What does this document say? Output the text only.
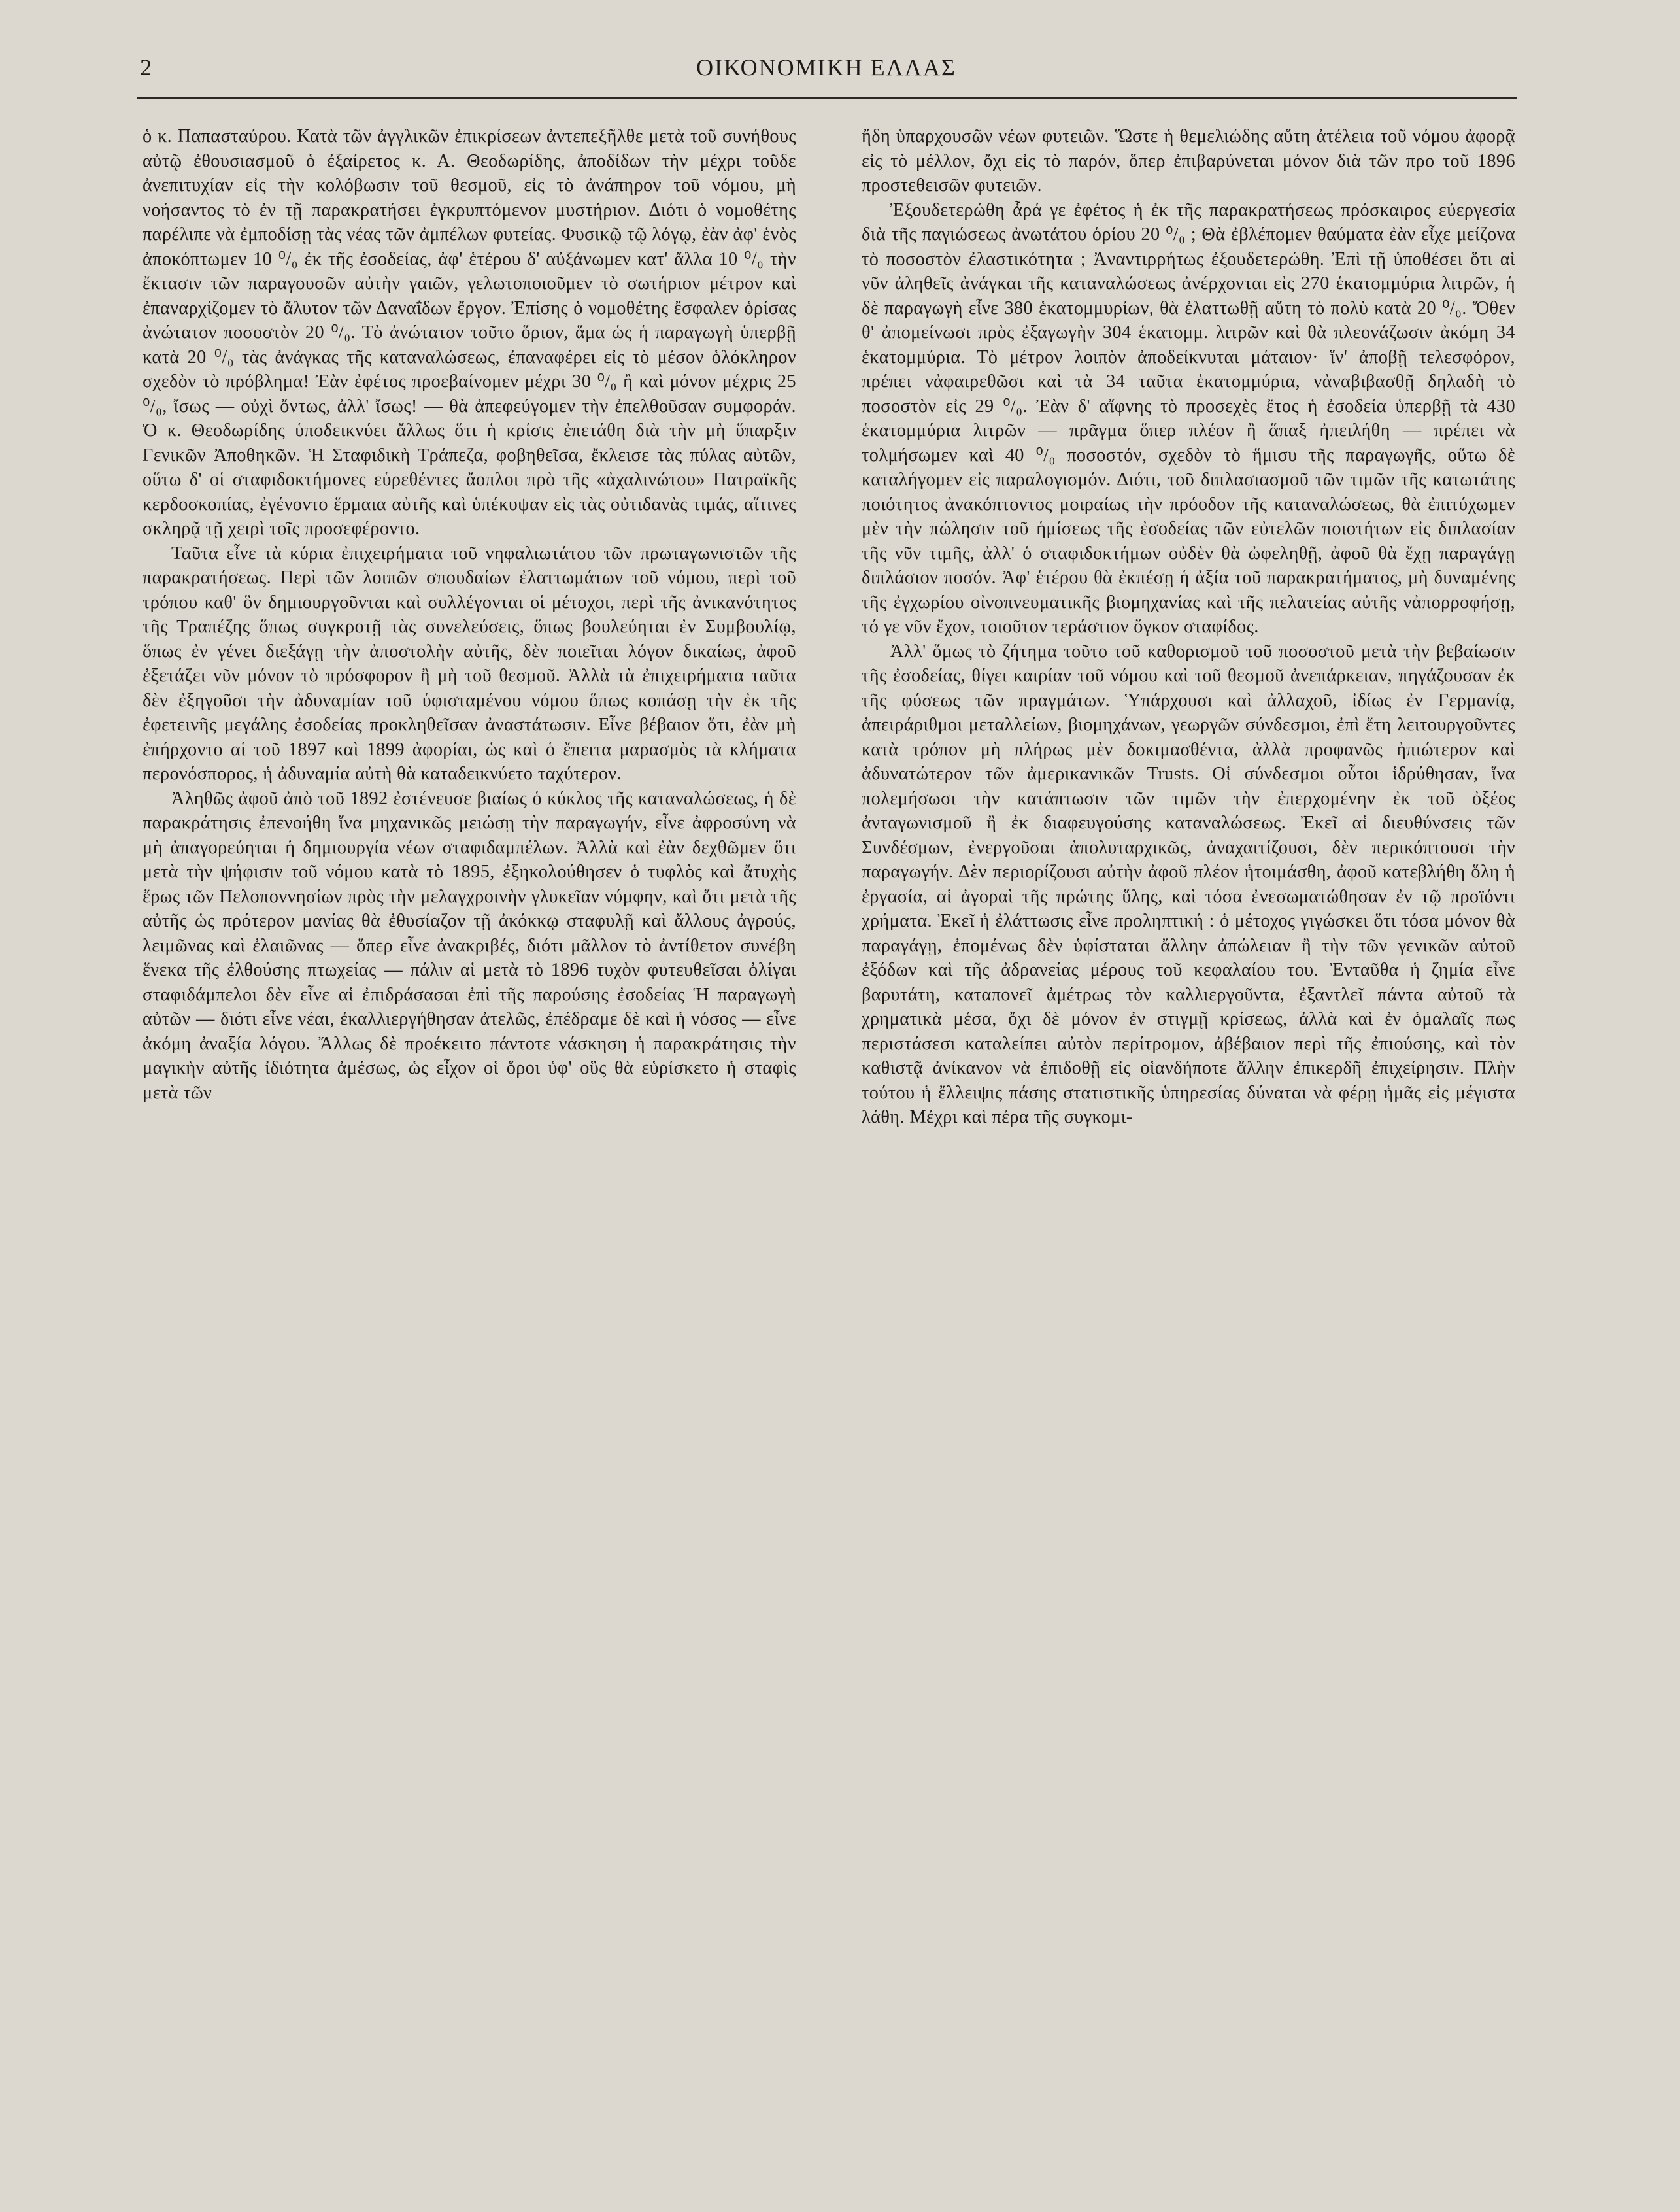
2	ΟΙΚΟΝΟΜΙΚΗ ΕΛΛΑΣ

ὁ κ. Παπασταύρου. Κατὰ τῶν ἀγγλικῶν ἐπικρίσεων ἀντεπεξῆλθε μετὰ τοῦ συνήθους αὐτῷ ἐθουσιασμοῦ ὁ ἐξαίρετος κ. Α. Θεοδωρίδης, ἀποδίδων τὴν μέχρι τοῦδε ἀνεπιτυχίαν εἰς τὴν κολόβωσιν τοῦ θεσμοῦ, εἰς τὸ ἀνάπηρον τοῦ νόμου, μὴ νοήσαντος τὸ ἐν τῇ παρακρατήσει ἐγκρυπτόμενον μυστήριον. Διότι ὁ νομοθέτης παρέλιπε νὰ ἐμποδίσῃ τὰς νέας τῶν ἀμπέλων φυτείας. Φυσικῷ τῷ λόγῳ, ἐὰν ἀφ' ἑνὸς ἀποκόπτωμεν 10 ⁰/₀ ἐκ τῆς ἐσοδείας, ἀφ' ἑτέρου δ' αὐξάνωμεν κατ' ἄλλα 10 ⁰/₀ τὴν ἔκτασιν τῶν παραγουσῶν αὐτὴν γαιῶν, γελωτοποιοῦμεν τὸ σωτήριον μέτρον καὶ ἐπαναρχίζομεν τὸ ἄλυτον τῶν Δαναΐδων ἔργον. Ἐπίσης ὁ νομοθέτης ἔσφαλεν ὁρίσας ἀνώτατον ποσοστὸν 20 ⁰/₀. Τὸ ἀνώτατον τοῦτο ὅριον, ἅμα ὡς ἡ παραγωγὴ ὑπερβῇ κατὰ 20 ⁰/₀ τὰς ἀνάγκας τῆς καταναλώσεως, ἐπαναφέρει εἰς τὸ μέσον ὁλόκληρον σχεδὸν τὸ πρόβλημα! Ἐὰν ἐφέτος προεβαίνομεν μέχρι 30 ⁰/₀ ἢ καὶ μόνον μέχρις 25 ⁰/₀, ἴσως — οὐχὶ ὄντως, ἀλλ' ἴσως! — θὰ ἀπεφεύγομεν τὴν ἐπελθοῦσαν συμφοράν. Ὁ κ. Θεοδωρίδης ὑποδεικνύει ἄλλως ὅτι ἡ κρίσις ἐπετάθη διὰ τὴν μὴ ὕπαρξιν Γενικῶν Ἀποθηκῶν. Ἡ Σταφιδικὴ Τράπεζα, φοβηθεῖσα, ἔκλεισε τὰς πύλας αὐτῶν, οὕτω δ' οἱ σταφιδοκτήμονες εὑρεθέντες ἄοπλοι πρὸ τῆς «ἀχαλινώτου» Πατραϊκῆς κερδοσκοπίας, ἐγένοντο ἕρμαια αὐτῆς καὶ ὑπέκυψαν εἰς τὰς οὐτιδανὰς τιμάς, αἵτινες σκληρᾷ τῇ χειρὶ τοῖς προσεφέροντο.

Ταῦτα εἶνε τὰ κύρια ἐπιχειρήματα τοῦ νηφαλιωτάτου τῶν πρωταγωνιστῶν τῆς παρακρατήσεως. Περὶ τῶν λοιπῶν σπουδαίων ἐλαττωμάτων τοῦ νόμου, περὶ τοῦ τρόπου καθ' ὃν δημιουργοῦνται καὶ συλλέγονται οἱ μέτοχοι, περὶ τῆς ἀνικανότητος τῆς Τραπέζης ὅπως συγκροτῇ τὰς συνελεύσεις, ὅπως βουλεύηται ἐν Συμβουλίῳ, ὅπως ἐν γένει διεξάγῃ τὴν ἀποστολὴν αὐτῆς, δὲν ποιεῖται λόγον δικαίως, ἀφοῦ ἐξετάζει νῦν μόνον τὸ πρόσφορον ἢ μὴ τοῦ θεσμοῦ. Ἀλλὰ τὰ ἐπιχειρήματα ταῦτα δὲν ἐξηγοῦσι τὴν ἀδυναμίαν τοῦ ὑφισταμένου νόμου ὅπως κοπάσῃ τὴν ἐκ τῆς ἐφετεινῆς μεγάλης ἐσοδείας προκληθεῖσαν ἀναστάτωσιν. Εἶνε βέβαιον ὅτι, ἐὰν μὴ ἐπήρχοντο αἱ τοῦ 1897 καὶ 1899 ἀφορίαι, ὡς καὶ ὁ ἔπειτα μαρασμὸς τὰ κλήματα περονόσπορος, ἡ ἀδυναμία αὐτὴ θὰ καταδεικνύετο ταχύτερον.

Ἀληθῶς ἀφοῦ ἀπὸ τοῦ 1892 ἐστένευσε βιαίως ὁ κύκλος τῆς καταναλώσεως, ἡ δὲ παρακράτησις ἐπενοήθη ἵνα μηχανικῶς μειώσῃ τὴν παραγωγήν, εἶνε ἀφροσύνη νὰ μὴ ἀπαγορεύηται ἡ δημιουργία νέων σταφιδαμπέλων. Ἀλλὰ καὶ ἐὰν δεχθῶμεν ὅτι μετὰ τὴν ψήφισιν τοῦ νόμου κατὰ τὸ 1895, ἐξηκολούθησεν ὁ τυφλὸς καὶ ἄτυχὴς ἔρως τῶν Πελοποννησίων πρὸς τὴν μελαγχροινὴν γλυκεῖαν νύμφην, καὶ ὅτι μετὰ τῆς αὐτῆς ὡς πρότερον μανίας θὰ ἐθυσίαζον τῇ ἀκόκκῳ σταφυλῇ καὶ ἄλλους ἀγρούς, λειμῶνας καὶ ἐλαιῶνας — ὅπερ εἶνε ἀνακριβές, διότι μᾶλλον τὸ ἀντίθετον συνέβη ἕνεκα τῆς ἐλθούσης πτωχείας — πάλιν αἱ μετὰ τὸ 1896 τυχὸν φυτευθεῖσαι ὀλίγαι σταφιδάμπελοι δὲν εἶνε αἱ ἐπιδράσασαι ἐπὶ τῆς παρούσης ἐσοδείας Ἡ παραγωγὴ αὐτῶν — διότι εἶνε νέαι, ἐκαλλιεργήθησαν ἀτελῶς, ἐπέδραμε δὲ καὶ ἡ νόσος — εἶνε ἀκόμη ἀναξία λόγου. Ἄλλως δὲ προέκειτο πάντοτε νάσκηση ἡ παρακράτησις τὴν μαγικὴν αὐτῆς ἰδιότητα ἀμέσως, ὡς εἶχον οἱ ὅροι ὑφ' οὓς θὰ εὑρίσκετο ἡ σταφὶς μετὰ τῶν

ἤδη ὑπαρχουσῶν νέων φυτειῶν. Ὥστε ἡ θεμελιώδης αὕτη ἀτέλεια τοῦ νόμου ἀφορᾷ εἰς τὸ μέλλον, ὄχι εἰς τὸ παρόν, ὅπερ ἐπιβαρύνεται μόνον διὰ τῶν προ τοῦ 1896 προστεθεισῶν φυτειῶν.

Ἐξουδετερώθη ἆρά γε ἐφέτος ἡ ἐκ τῆς παρακρατήσεως πρόσκαιρος εὐεργεσία διὰ τῆς παγιώσεως ἀνωτάτου ὁρίου 20 ⁰/₀ ; Θὰ ἐβλέπομεν θαύματα ἐὰν εἶχε μείζονα τὸ ποσοστὸν ἐλαστικότητα ; Ἀναντιρρήτως ἐξουδετερώθη. Ἐπὶ τῇ ὑποθέσει ὅτι αἱ νῦν ἀληθεῖς ἀνάγκαι τῆς καταναλώσεως ἀνέρχονται εἰς 270 ἑκατομμύρια λιτρῶν, ἡ δὲ παραγωγὴ εἶνε 380 ἑκατομμυρίων, θὰ ἐλαττωθῇ αὕτη τὸ πολὺ κατὰ 20 ⁰/₀. Ὅθεν θ' ἀπομείνωσι πρὸς ἐξαγωγὴν 304 ἑκατομμ. λιτρῶν καὶ θὰ πλεονάζωσιν ἀκόμη 34 ἑκατομμύρια. Τὸ μέτρον λοιπὸν ἀποδείκνυται μάταιον· ἵν' ἀποβῇ τελεσφόρον, πρέπει νἀφαιρεθῶσι καὶ τὰ 34 ταῦτα ἑκατομμύρια, νἀναβιβασθῇ δηλαδὴ τὸ ποσοστὸν εἰς 29 ⁰/₀. Ἐὰν δ' αἴφνης τὸ προσεχὲς ἔτος ἡ ἐσοδεία ὑπερβῇ τὰ 430 ἑκατομμύρια λιτρῶν — πρᾶγμα ὅπερ πλέον ἢ ἅπαξ ἠπειλήθη — πρέπει νὰ τολμήσωμεν καὶ 40 ⁰/₀ ποσοστόν, σχεδὸν τὸ ἥμισυ τῆς παραγωγῆς, οὕτω δὲ καταλήγομεν εἰς παραλογισμόν. Διότι, τοῦ διπλασιασμοῦ τῶν τιμῶν τῆς κατωτάτης ποιότητος ἀνακόπτοντος μοιραίως τὴν πρόοδον τῆς καταναλώσεως, θὰ ἐπιτύχωμεν μὲν τὴν πώλησιν τοῦ ἡμίσεως τῆς ἐσοδείας τῶν εὐτελῶν ποιοτήτων εἰς διπλασίαν τῆς νῦν τιμῆς, ἀλλ' ὁ σταφιδοκτήμων οὐδὲν θὰ ὠφεληθῇ, ἀφοῦ θὰ ἔχῃ παραγάγῃ διπλάσιον ποσόν. Ἀφ' ἑτέρου θὰ ἐκπέσῃ ἡ ἀξία τοῦ παρακρατήματος, μὴ δυναμένης τῆς ἐγχωρίου οἰνοπνευματικῆς βιομηχανίας καὶ τῆς πελατείας αὐτῆς νἀπορροφήσῃ, τό γε νῦν ἔχον, τοιοῦτον τεράστιον ὄγκον σταφίδος.

Ἀλλ' ὅμως τὸ ζήτημα τοῦτο τοῦ καθορισμοῦ τοῦ ποσοστοῦ μετὰ τὴν βεβαίωσιν τῆς ἐσοδείας, θίγει καιρίαν τοῦ νόμου καὶ τοῦ θεσμοῦ ἀνεπάρκειαν, πηγάζουσαν ἐκ τῆς φύσεως τῶν πραγμάτων. Ὑπάρχουσι καὶ ἀλλαχοῦ, ἰδίως ἐν Γερμανίᾳ, ἀπειράριθμοι μεταλλείων, βιομηχάνων, γεωργῶν σύνδεσμοι, ἐπὶ ἔτη λειτουργοῦντες κατὰ τρόπον μὴ πλήρως μὲν δοκιμασθέντα, ἀλλὰ προφανῶς ἠπιώτερον καὶ ἀδυνατώτερον τῶν ἀμερικανικῶν Trusts. Οἱ σύνδεσμοι οὗτοι ἱδρύθησαν, ἵνα πολεμήσωσι τὴν κατάπτωσιν τῶν τιμῶν τὴν ἐπερχομένην ἐκ τοῦ ὀξέος ἀνταγωνισμοῦ ἢ ἐκ διαφευγούσης καταναλώσεως. Ἐκεῖ αἱ διευθύνσεις τῶν Συνδέσμων, ἐνεργοῦσαι ἀπολυταρχικῶς, ἀναχαιτίζουσι, δὲν περικόπτουσι τὴν παραγωγήν. Δὲν περιορίζουσι αὐτὴν ἀφοῦ πλέον ἡτοιμάσθη, ἀφοῦ κατεβλήθη ὅλη ἡ ἐργασία, αἱ ἀγοραὶ τῆς πρώτης ὕλης, καὶ τόσα ἐνεσωματώθησαν ἐν τῷ προϊόντι χρήματα. Ἐκεῖ ἡ ἐλάττωσις εἶνε προληπτική : ὁ μέτοχος γιγώσκει ὅτι τόσα μόνον θὰ παραγάγῃ, ἐπομένως δὲν ὑφίσταται ἄλλην ἀπώλειαν ἢ τὴν τῶν γενικῶν αὐτοῦ ἐξόδων καὶ τῆς ἀδρανείας μέρους τοῦ κεφαλαίου του. Ἐνταῦθα ἡ ζημία εἶνε βαρυτάτη, καταπονεῖ ἀμέτρως τὸν καλλιεργοῦντα, ἐξαντλεῖ πάντα αὐτοῦ τὰ χρηματικὰ μέσα, ὄχι δὲ μόνον ἐν στιγμῇ κρίσεως, ἀλλὰ καὶ ἐν ὁμαλαῖς πως περιστάσεσι καταλείπει αὐτὸν περίτρομον, ἀβέβαιον περὶ τῆς ἐπιούσης, καὶ τὸν καθιστᾷ ἀνίκανον νὰ ἐπιδοθῇ εἰς οἱανδήποτε ἄλλην ἐπικερδῆ ἐπιχείρησιν. Πλὴν τούτου ἡ ἔλλειψις πάσης στατιστικῆς ὑπηρεσίας δύναται νὰ φέρῃ ἡμᾶς εἰς μέγιστα λάθη. Μέχρι καὶ πέρα τῆς συγκομι-
